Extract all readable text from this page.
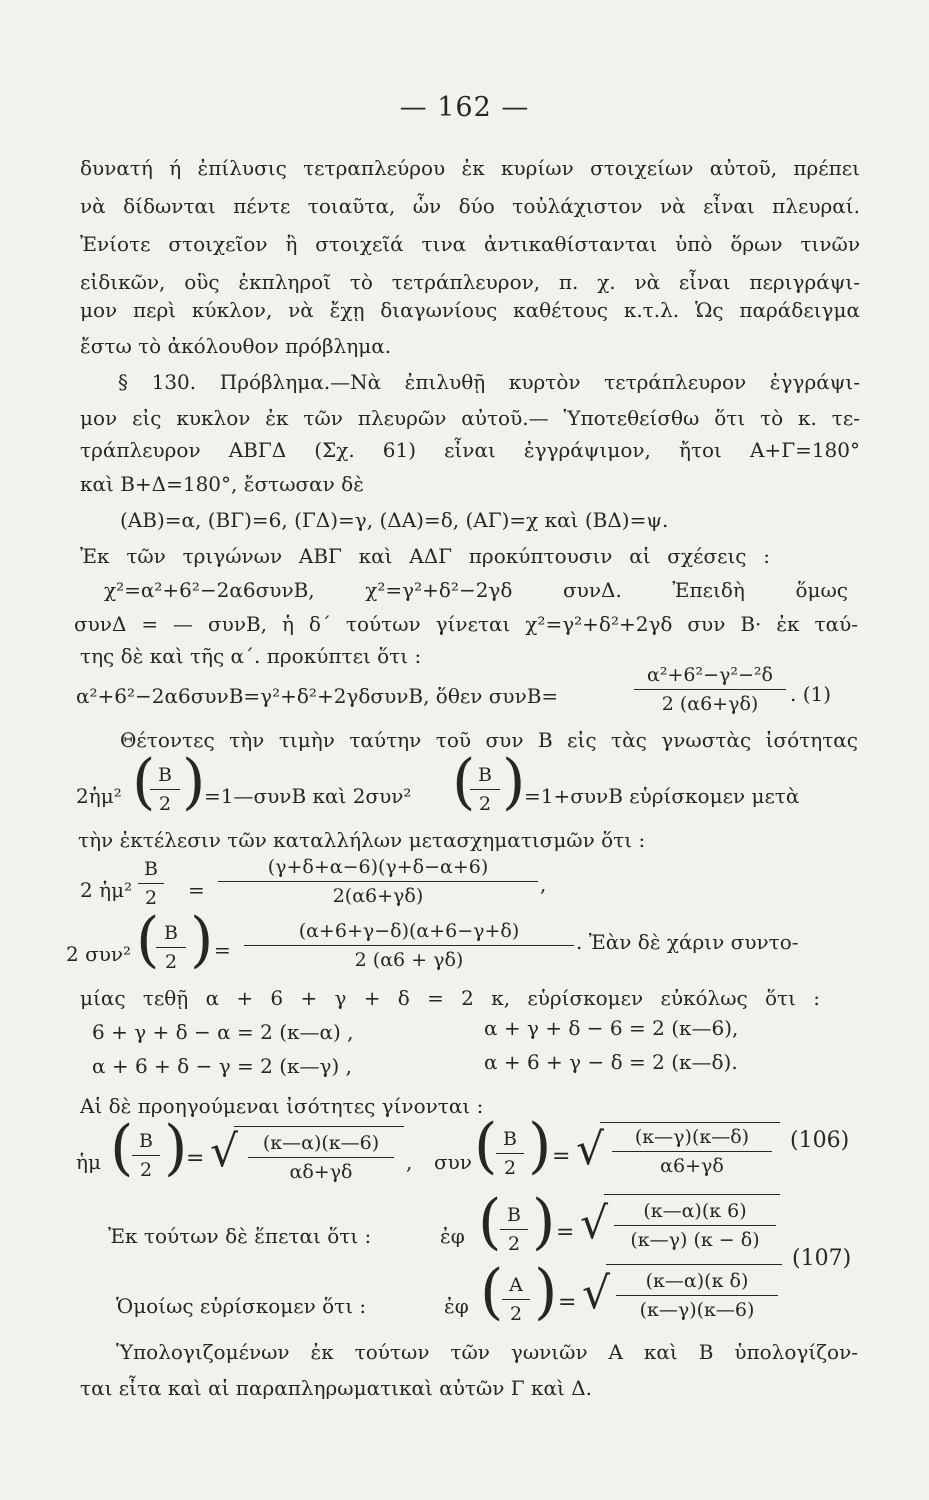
— 162 —
δυνατή ή ἐπίλυσις τετραπλεύρου ἐκ κυρίων στοιχείων αὐτοῦ, πρέπει
νὰ δίδωνται πέντε τοιαῦτα, ὧν δύο τοὐλάχιστον νὰ εἶναι πλευραί.
Ἐνίοτε στοιχεῖον ἢ στοιχεῖά τινα ἀντικαθίστανται ὑπὸ ὅρων τινῶν
εἰδικῶν, οὓς ἐκπληροῖ τὸ τετράπλευρον, π. χ. νὰ εἶναι περιγράψι-
μον περὶ κύκλον, νὰ ἔχῃ διαγωνίους καθέτους κ.τ.λ. Ὡς παράδειγμα
ἔστω τὸ ἀκόλουθον πρόβλημα.
§ 130. Πρόβλημα.—Νὰ ἐπιλυθῇ κυρτὸν τετράπλευρον ἐγγράψι-
μον εἰς κυκλον ἐκ τῶν πλευρῶν αὐτοῦ.— Ὑποτεθείσθω ὅτι τὸ κ. τε-
τράπλευρον ΑΒΓΔ (Σχ. 61) εἶναι ἐγγράψιμον, ἤτοι Α+Γ=180°
καὶ Β+Δ=180°, ἔστωσαν δὲ
(ΑΒ)=α, (ΒΓ)=6, (ΓΔ)=γ, (ΔΑ)=δ, (ΑΓ)=χ καὶ (ΒΔ)=ψ.
Ἐκ τῶν τριγώνων ΑΒΓ καὶ ΑΔΓ προκύπτουσιν αἱ σχέσεις :
χ²=α²+6²−2α6συνΒ, χ²=γ²+δ²−2γδ συνΔ. Ἐπειδὴ ὅμως
συνΔ = — συνΒ, ἡ δ´ τούτων γίνεται χ²=γ²+δ²+2γδ συν Β· ἐκ ταύ-
της δὲ καὶ τῆς α´. προκύπτει ὅτι :
α²+6²−2α6συνΒ=γ²+δ²+2γδσυνΒ, ὅθεν συνΒ=
α²+6²−γ²−²δ
2 (α6+γδ)	. (1)
Θέτοντες τὴν τιμὴν ταύτην τοῦ συν Β εἰς τὰς γνωστὰς ἰσότητας
2ἡμ² ( Β
2 )
=1—συνΒ καὶ 2συν² ( Β
2 )
=1+συνΒ εὑρίσκομεν μετὰ
τὴν ἐκτέλεσιν τῶν καταλλήλων μετασχηματισμῶν ὅτι :
2 ἡμ²
Β
2	=
(γ+δ+α−6)(γ+δ−α+6)
2(α6+γδ)	,
2 συν² ( Β
2 ) =
(α+6+γ−δ)(α+6−γ+δ)
2 (α6 + γδ)
. Ἐὰν δὲ χάριν συντο-
μίας τεθῇ α + 6 + γ + δ = 2 κ, εὑρίσκομεν εὐκόλως ὅτι :
6 + γ + δ − α = 2 (κ—α) ,	α + γ + δ − 6 = 2 (κ—6),
α + 6 + δ − γ = 2 (κ—γ) ,	α + 6 + γ − δ = 2 (κ—δ).
Αἱ δὲ προηγούμεναι ἰσότητες γίνονται :
ἡμ ( Β
2 )
= √	(κ—α)(κ—6)
αδ+γδ	, συν ( Β
2 ) = √	(κ—γ)(κ—δ)
α6+γδ
(106)
Ἐκ τούτων δὲ ἕπεται ὅτι :	ἐφ ( Β
2 ) = √	(κ—α)(κ 6)
(κ—γ) (κ − δ)
(107)
Ὁμοίως εὑρίσκομεν ὅτι :	ἐφ ( Α
2 ) = √	(κ—α)(κ δ)
(κ—γ)(κ—6)
Ὑπολογιζομένων ἐκ τούτων τῶν γωνιῶν Α καὶ Β ὑπολογίζον-
ται εἶτα καὶ αἱ παραπληρωματικαὶ αὐτῶν Γ καὶ Δ.
